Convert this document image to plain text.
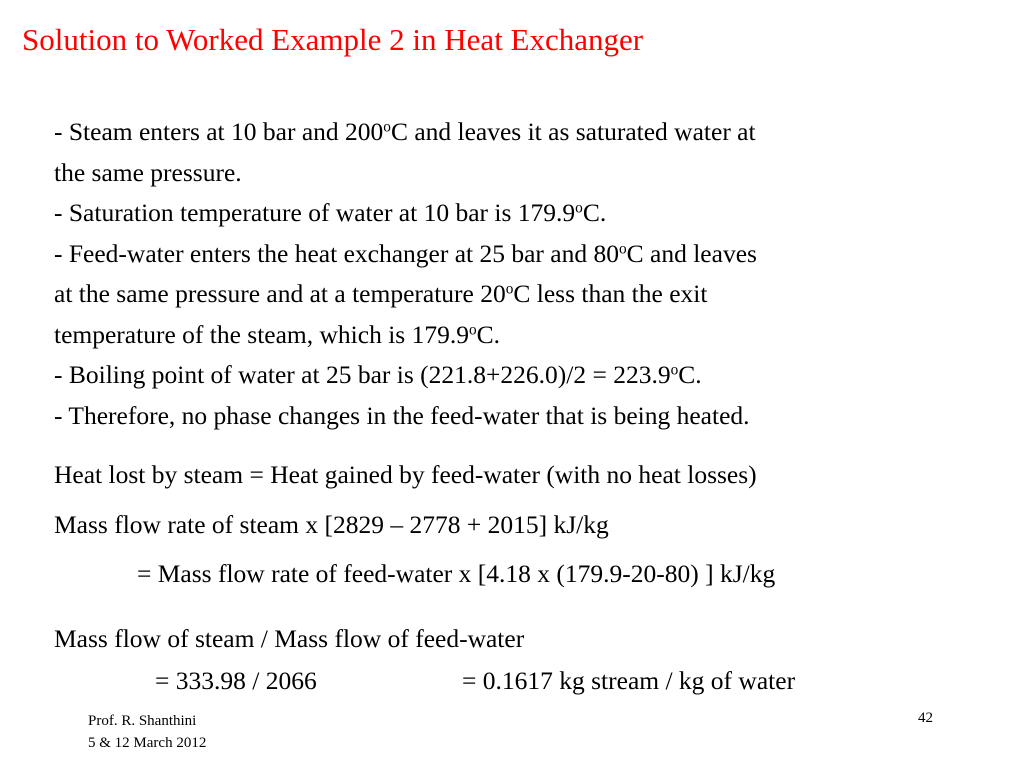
Solution to Worked Example 2 in Heat Exchanger
- Steam enters at 10 bar and 200$^o$C and leaves it as saturated water at
the same pressure.
- Saturation temperature of water at 10 bar is 179.9$^o$C.
- Feed-water enters the heat exchanger at 25 bar and 80$^o$C and leaves
at the same pressure and at a temperature 20$^o$C less than the exit
temperature of the steam, which is 179.9$^o$C.
- Boiling point of water at 25 bar is $(221.8+226.0)/2 = 223.9^oC$.
- Therefore, no phase changes in the feed-water that is being heated.
Heat lost by steam = Heat gained by feed-water (with no heat losses)
Mass flow rate of steam x [2829 – 2778 + 2015] kJ/kg
= Mass flow rate of feed-water x [4.18 x (179.9-20-80) ] kJ/kg
Mass flow of steam / Mass flow of feed-water
= 333.98 / 2066	= 0.1617 kg stream / kg of water
Prof. R. Shanthini
5 & 12 March 2012
42
